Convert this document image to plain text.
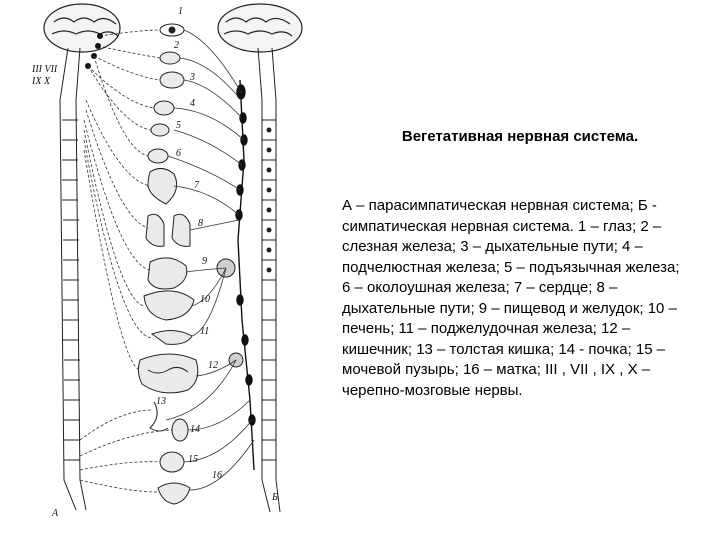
1
2
3
4
5
6
7
8
9
10
11
12
13
14
15
16
III VII
IX X
А
Б
Вегетативная нервная система.
А – парасимпатическая нервная система; Б - симпатическая нервная система. 1 – глаз; 2 – слезная железа; 3 – дыхательные пути; 4 – подчелюстная железа; 5 – подъязычная железа; 6 – околоушная железа; 7 – сердце; 8 – дыхательные пути; 9 – пищевод и желудок; 10 – печень; 11 – поджелудочная железа; 12 – кишечник; 13 – толстая кишка; 14 - почка; 15 – мочевой пузырь; 16 – матка; III , VII , IX , X – черепно-мозговые нервы.
